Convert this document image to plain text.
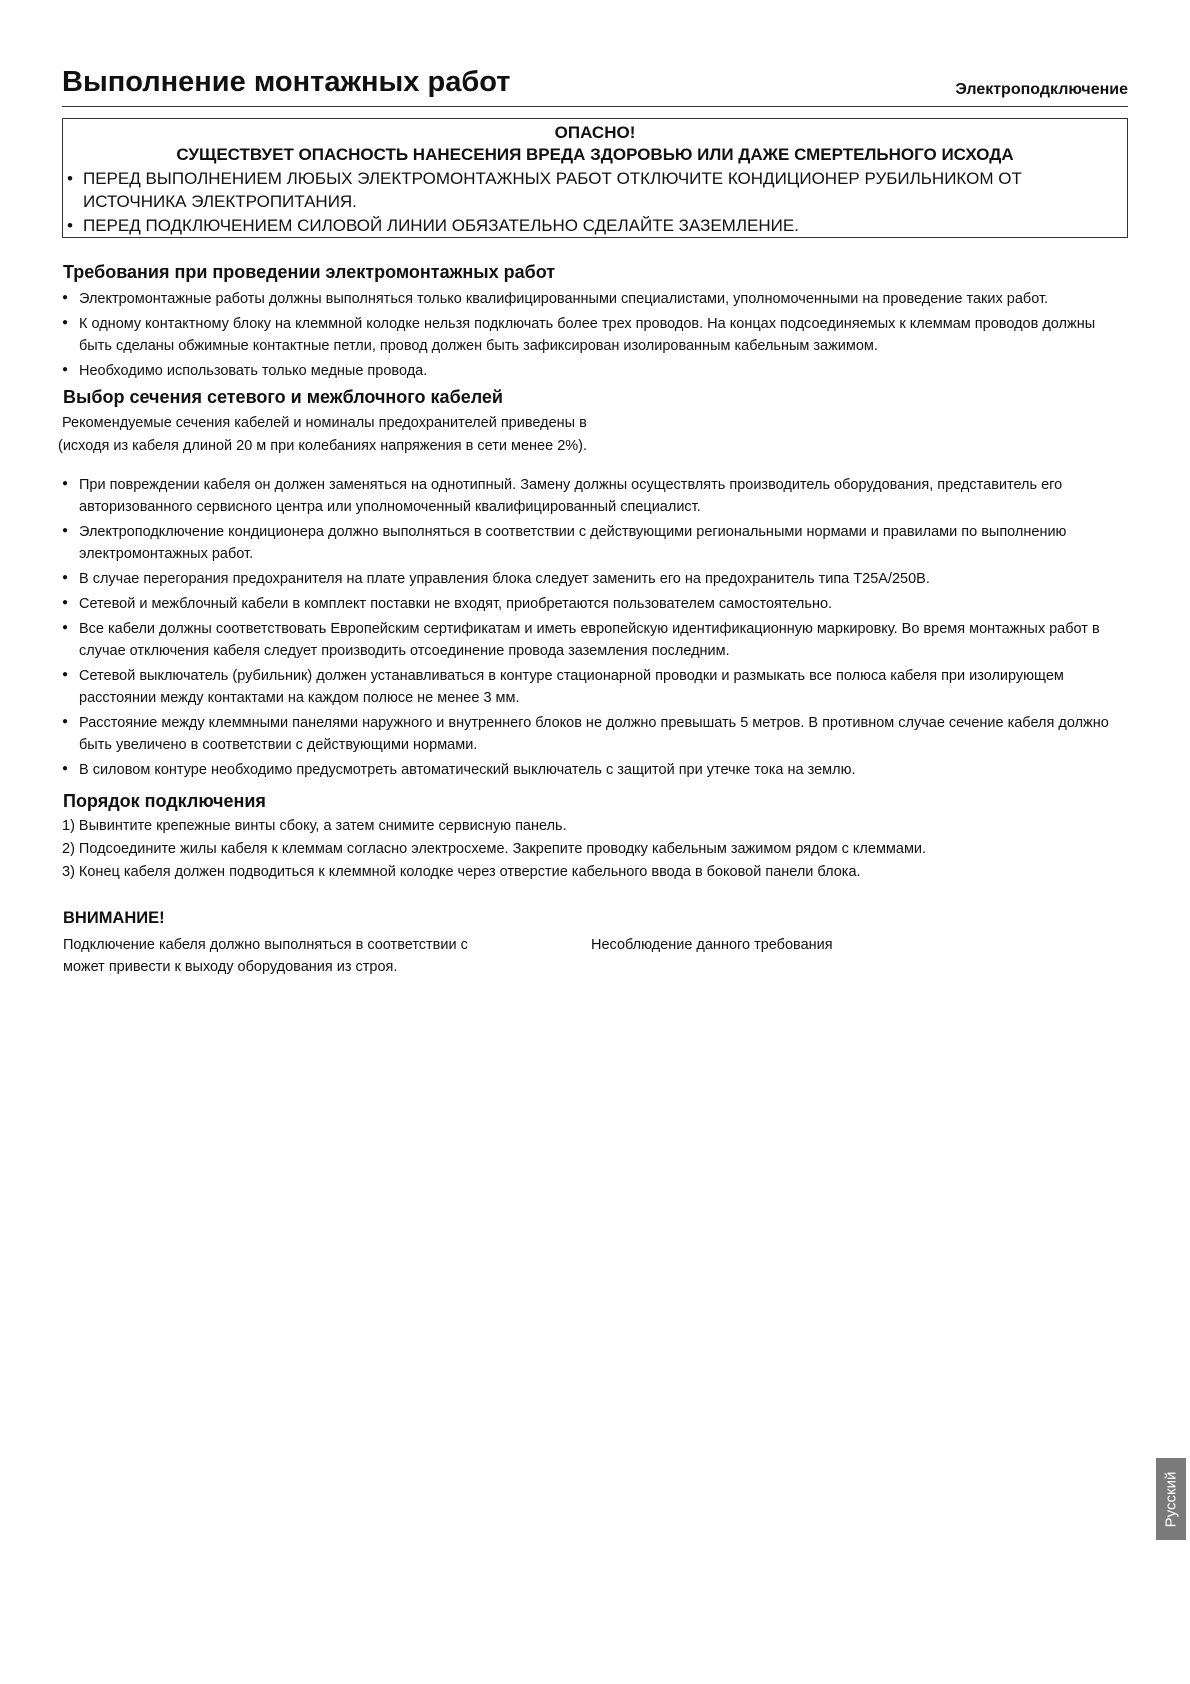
Выполнение монтажных работ	Электроподключение
ОПАСНО!
СУЩЕСТВУЕТ ОПАСНОСТЬ НАНЕСЕНИЯ ВРЕДА ЗДОРОВЬЮ ИЛИ ДАЖЕ СМЕРТЕЛЬНОГО ИСХОДА
• ПЕРЕД ВЫПОЛНЕНИЕМ ЛЮБЫХ ЭЛЕКТРОМОНТАЖНЫХ РАБОТ ОТКЛЮЧИТЕ КОНДИЦИОНЕР РУБИЛЬНИКОМ ОТ ИСТОЧНИКА ЭЛЕКТРОПИТАНИЯ.
• ПЕРЕД ПОДКЛЮЧЕНИЕМ СИЛОВОЙ ЛИНИИ ОБЯЗАТЕЛЬНО СДЕЛАЙТЕ ЗАЗЕМЛЕНИЕ.
Требования при проведении электромонтажных работ
● Электромонтажные работы должны выполняться только квалифицированными специалистами, уполномоченными на проведение таких работ.
● К одному контактному блоку на клеммной колодке нельзя подключать более трех проводов. На концах подсоединяемых к клеммам проводов должны быть сделаны обжимные контактные петли, провод должен быть зафиксирован изолированным кабельным зажимом.
● Необходимо использовать только медные провода.
Выбор сечения сетевого и межблочного кабелей
Рекомендуемые сечения кабелей и номиналы предохранителей приведены в
(исходя из кабеля длиной 20 м при колебаниях напряжения в сети менее 2%).
● При повреждении кабеля он должен заменяться на однотипный. Замену должны осуществлять производитель оборудования, представитель его авторизованного сервисного центра или уполномоченный квалифицированный специалист.
● Электроподключение кондиционера должно выполняться в соответствии с действующими региональными нормами и правилами по выполнению электромонтажных работ.
● В случае перегорания предохранителя на плате управления блока следует заменить его на предохранитель типа T25A/250В.
● Сетевой и межблочный кабели в комплект поставки не входят, приобретаются пользователем самостоятельно.
● Все кабели должны соответствовать Европейским сертификатам и иметь европейскую идентификационную маркировку. Во время монтажных работ в случае отключения кабеля следует производить отсоединение провода заземления последним.
● Сетевой выключатель (рубильник) должен устанавливаться в контуре стационарной проводки и размыкать все полюса кабеля при изолирующем расстоянии между контактами на каждом полюсе не менее 3 мм.
● Расстояние между клеммными панелями наружного и внутреннего блоков не должно превышать 5 метров. В противном случае сечение кабеля должно быть увеличено в соответствии с действующими нормами.
● В силовом контуре необходимо предусмотреть автоматический выключатель с защитой при утечке тока на землю.
Порядок подключения
1) Вывинтите крепежные винты сбоку, а затем снимите сервисную панель.
2) Подсоедините жилы кабеля к клеммам согласно электросхеме. Закрепите проводку кабельным зажимом рядом с клеммами.
3) Конец кабеля должен подводиться к клеммной колодке через отверстие кабельного ввода в боковой панели блока.
ВНИМАНИЕ!
Подключение кабеля должно выполняться в соответствии с	Несоблюдение данного требования
может привести к выходу оборудования из строя.
Русский
